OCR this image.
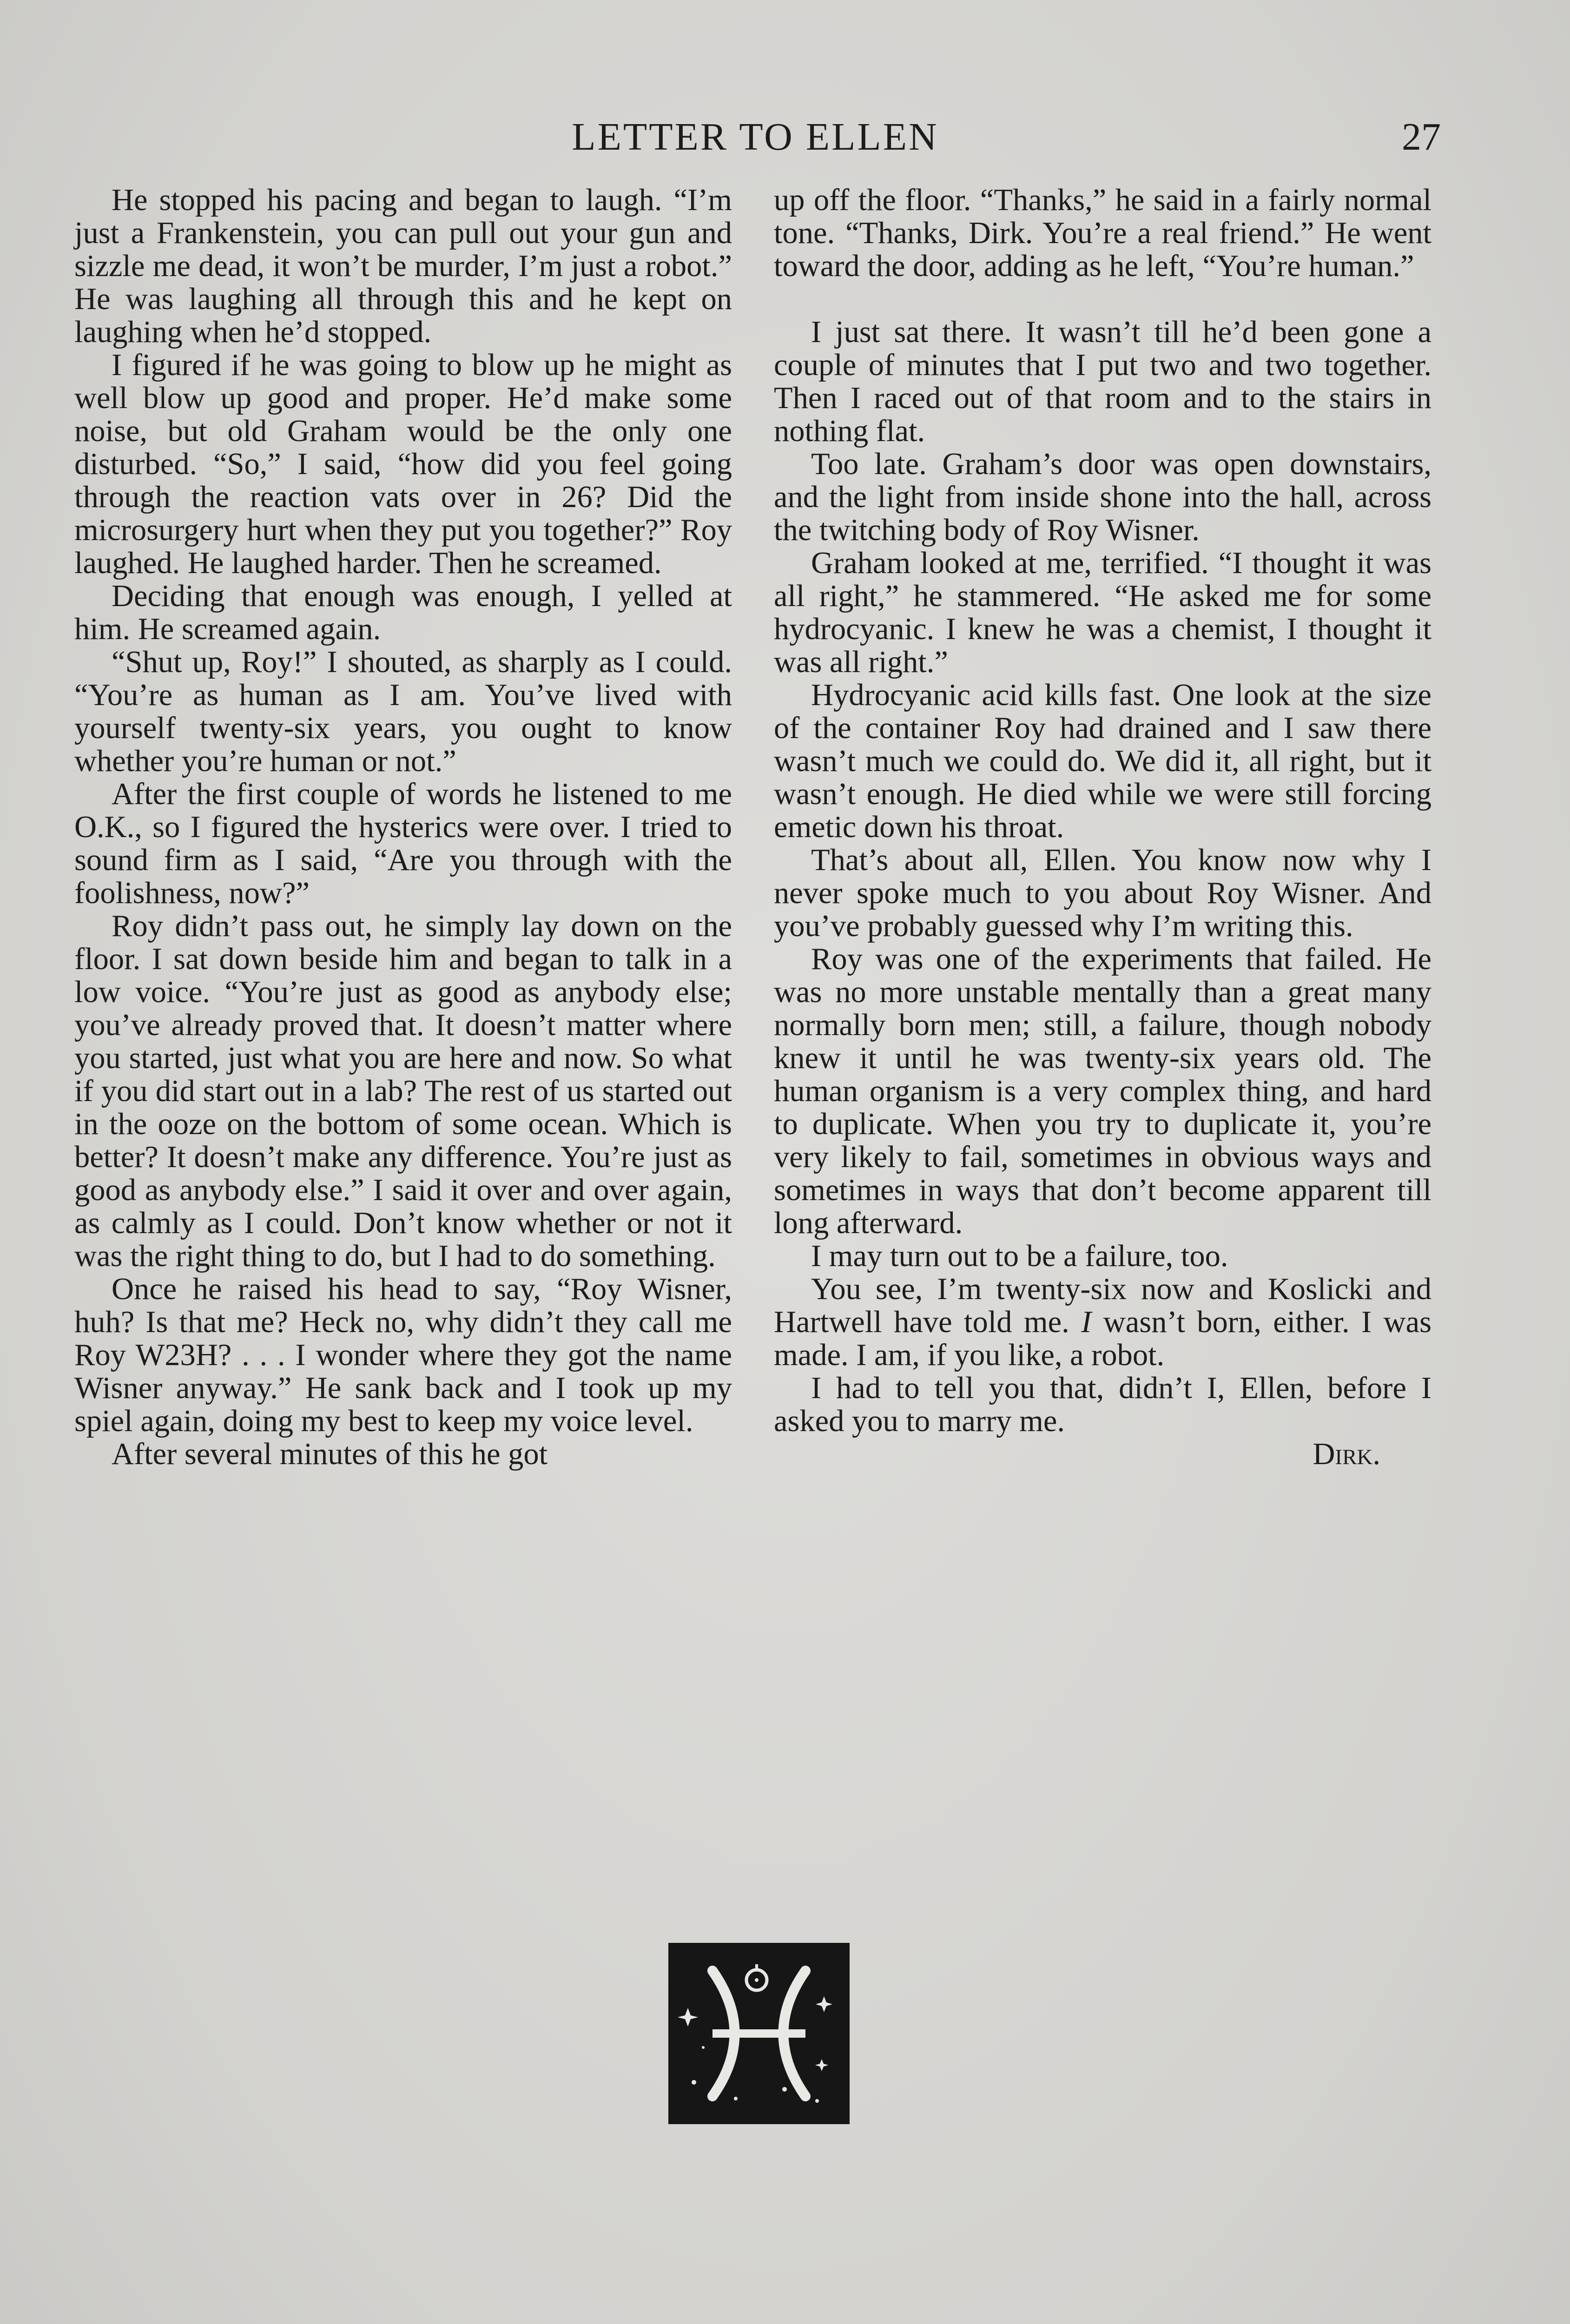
LETTER TO ELLEN	27

He stopped his pacing and began to laugh. “I’m just a Frankenstein, you can pull out your gun and sizzle me dead, it won’t be murder, I’m just a robot.” He was laughing all through this and he kept on laughing when he’d stopped.

I figured if he was going to blow up he might as well blow up good and proper. He’d make some noise, but old Graham would be the only one disturbed. “So,” I said, “how did you feel going through the reaction vats over in 26? Did the microsurgery hurt when they put you together?” Roy laughed. He laughed harder. Then he screamed.

Deciding that enough was enough, I yelled at him. He screamed again.

“Shut up, Roy!” I shouted, as sharply as I could. “You’re as human as I am. You’ve lived with yourself twenty-six years, you ought to know whether you’re human or not.”

After the first couple of words he listened to me O.K., so I figured the hysterics were over. I tried to sound firm as I said, “Are you through with the foolishness, now?”

Roy didn’t pass out, he simply lay down on the floor. I sat down beside him and began to talk in a low voice. “You’re just as good as anybody else; you’ve already proved that. It doesn’t matter where you started, just what you are here and now. So what if you did start out in a lab? The rest of us started out in the ooze on the bottom of some ocean. Which is better? It doesn’t make any difference. You’re just as good as anybody else.” I said it over and over again, as calmly as I could. Don’t know whether or not it was the right thing to do, but I had to do something.

Once he raised his head to say, “Roy Wisner, huh? Is that me? Heck no, why didn’t they call me Roy W23H? . . . I wonder where they got the name Wisner anyway.” He sank back and I took up my spiel again, doing my best to keep my voice level.

After several minutes of this he got

up off the floor. “Thanks,” he said in a fairly normal tone. “Thanks, Dirk. You’re a real friend.” He went toward the door, adding as he left, “You’re human.”

I just sat there. It wasn’t till he’d been gone a couple of minutes that I put two and two together. Then I raced out of that room and to the stairs in nothing flat.

Too late. Graham’s door was open downstairs, and the light from inside shone into the hall, across the twitching body of Roy Wisner.

Graham looked at me, terrified. “I thought it was all right,” he stammered. “He asked me for some hydrocyanic. I knew he was a chemist, I thought it was all right.”

Hydrocyanic acid kills fast. One look at the size of the container Roy had drained and I saw there wasn’t much we could do. We did it, all right, but it wasn’t enough. He died while we were still forcing emetic down his throat.

That’s about all, Ellen. You know now why I never spoke much to you about Roy Wisner. And you’ve probably guessed why I’m writing this.

Roy was one of the experiments that failed. He was no more unstable mentally than a great many normally born men; still, a failure, though nobody knew it until he was twenty-six years old. The human organism is a very complex thing, and hard to duplicate. When you try to duplicate it, you’re very likely to fail, sometimes in obvious ways and sometimes in ways that don’t become apparent till long afterward.

I may turn out to be a failure, too.

You see, I’m twenty-six now and Koslicki and Hartwell have told me. I wasn’t born, either. I was made. I am, if you like, a robot.

I had to tell you that, didn’t I, Ellen, before I asked you to marry me.

Dirk.
